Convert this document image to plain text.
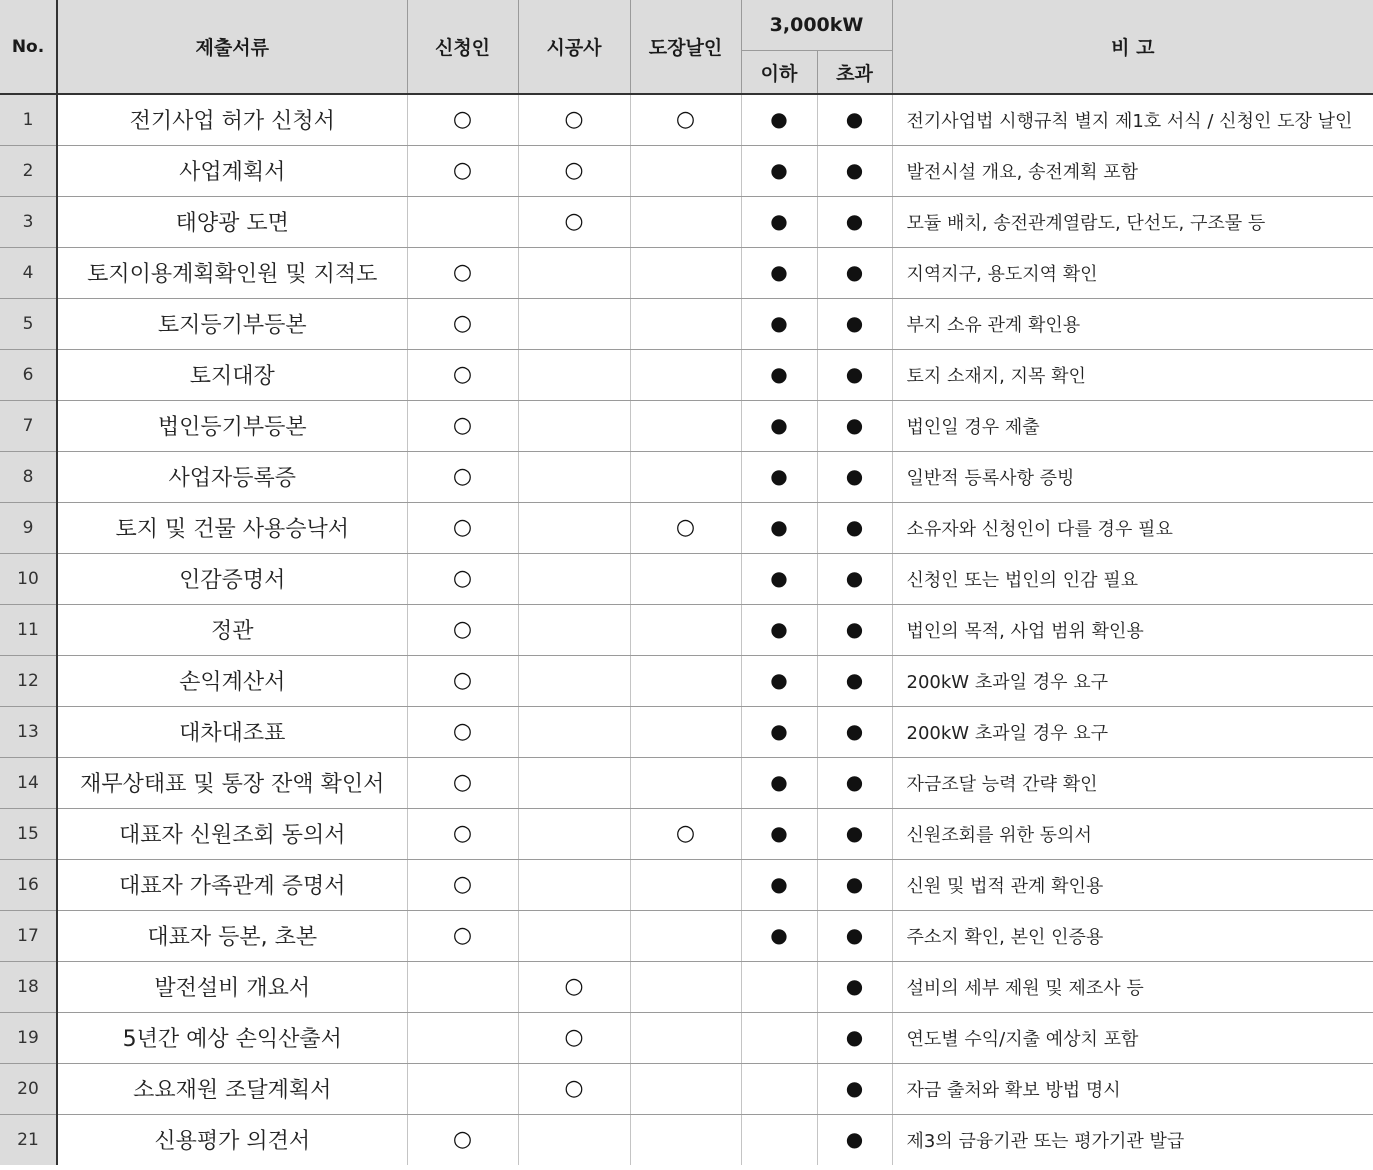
No.	제출서류	신청인	시공사	도장날인	3,000kW		비 고
					이하	초과	
1	전기사업 허가 신청서	○	○	○	●	●	전기사업법 시행규칙 별지 제1호 서식 / 신청인 도장 날인
2	사업계획서	○	○		●	●	발전시설 개요, 송전계획 포함
3	태양광 도면		○		●	●	모듈 배치, 송전관계열람도, 단선도, 구조물 등
4	토지이용계획확인원 및 지적도	○			●	●	지역지구, 용도지역 확인
5	토지등기부등본	○			●	●	부지 소유 관계 확인용
6	토지대장	○			●	●	토지 소재지, 지목 확인
7	법인등기부등본	○			●	●	법인일 경우 제출
8	사업자등록증	○			●	●	일반적 등록사항 증빙
9	토지 및 건물 사용승낙서	○		○	●	●	소유자와 신청인이 다를 경우 필요
10	인감증명서	○			●	●	신청인 또는 법인의 인감 필요
11	정관	○			●	●	법인의 목적, 사업 범위 확인용
12	손익계산서	○			●	●	200kW 초과일 경우 요구
13	대차대조표	○			●	●	200kW 초과일 경우 요구
14	재무상태표 및 통장 잔액 확인서	○			●	●	자금조달 능력 간략 확인
15	대표자 신원조회 동의서	○		○	●	●	신원조회를 위한 동의서
16	대표자 가족관계 증명서	○			●	●	신원 및 법적 관계 확인용
17	대표자 등본, 초본	○			●	●	주소지 확인, 본인 인증용
18	발전설비 개요서		○			●	설비의 세부 제원 및 제조사 등
19	5년간 예상 손익산출서		○			●	연도별 수익/지출 예상치 포함
20	소요재원 조달계획서		○			●	자금 출처와 확보 방법 명시
21	신용평가 의견서	○				●	제3의 금융기관 또는 평가기관 발급
